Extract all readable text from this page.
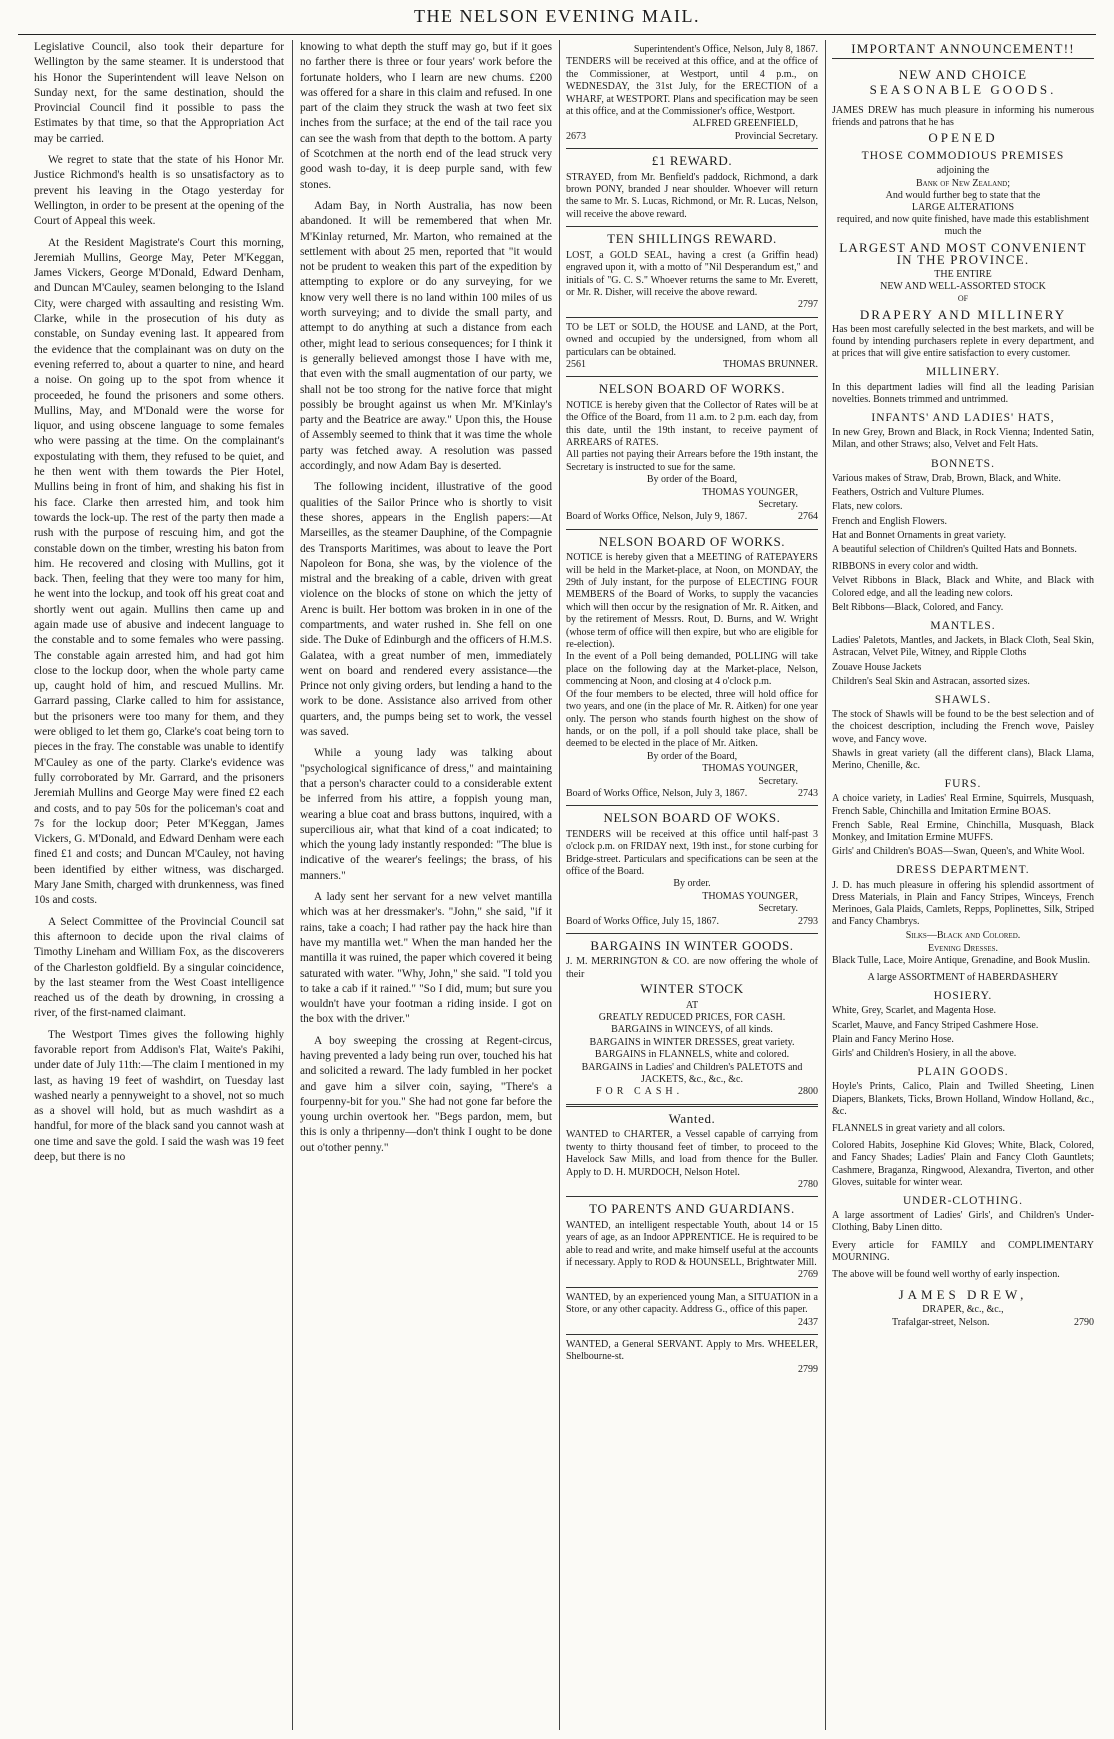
THE NELSON EVENING MAIL.

Legislative Council, also took their departure for Wellington by the same steamer. It is understood that his Honor the Superintendent will leave Nelson on Sunday next, for the same destination, should the Provincial Council find it possible to pass the Estimates by that time, so that the Appropriation Act may be carried.

We regret to state that the state of his Honor Mr. Justice Richmond's health is so unsatisfactory as to prevent his leaving in the Otago yesterday for Wellington, in order to be present at the opening of the Court of Appeal this week.

At the Resident Magistrate's Court this morning, Jeremiah Mullins, George May, Peter M'Keggan, James Vickers, George M'Donald, Edward Denham, and Duncan M'Cauley, seamen belonging to the Island City, were charged with assaulting and resisting Wm. Clarke, while in the prosecution of his duty as constable, on Sunday evening last. It appeared from the evidence that the complainant was on duty on the evening referred to, about a quarter to nine, and heard a noise. On going up to the spot from whence it proceeded, he found the prisoners and some others. Mullins, May, and M'Donald were the worse for liquor, and using obscene language to some females who were passing at the time. On the complainant's expostulating with them, they refused to be quiet, and he then went with them towards the Pier Hotel, Mullins being in front of him, and shaking his fist in his face. Clarke then arrested him, and took him towards the lock-up. The rest of the party then made a rush with the purpose of rescuing him, and got the constable down on the timber, wresting his baton from him. He recovered and closing with Mullins, got it back. Then, feeling that they were too many for him, he went into the lockup, and took off his great coat and shortly went out again. Mullins then came up and again made use of abusive and indecent language to the constable and to some females who were passing. The constable again arrested him, and had got him close to the lockup door, when the whole party came up, caught hold of him, and rescued Mullins. Mr. Garrard passing, Clarke called to him for assistance, but the prisoners were too many for them, and they were obliged to let them go, Clarke's coat being torn to pieces in the fray. The constable was unable to identify M'Cauley as one of the party. Clarke's evidence was fully corroborated by Mr. Garrard, and the prisoners Jeremiah Mullins and George May were fined £2 each and costs, and to pay 50s for the policeman's coat and 7s for the lockup door; Peter M'Keggan, James Vickers, G. M'Donald, and Edward Denham were each fined £1 and costs; and Duncan M'Cauley, not having been identified by either witness, was discharged. Mary Jane Smith, charged with drunkenness, was fined 10s and costs.

A Select Committee of the Provincial Council sat this afternoon to decide upon the rival claims of Timothy Lineham and William Fox, as the discoverers of the Charleston goldfield. By a singular coincidence, by the last steamer from the West Coast intelligence reached us of the death by drowning, in crossing a river, of the first-named claimant.

The Westport Times gives the following highly favorable report from Addison's Flat, Waite's Pakihi, under date of July 11th:—The claim I mentioned in my last, as having 19 feet of washdirt, on Tuesday last washed nearly a pennyweight to a shovel, not so much as a shovel will hold, but as much washdirt as a handful, for more of the black sand you cannot wash at one time and save the gold. I said the wash was 19 feet deep, but there is no

knowing to what depth the stuff may go, but if it goes no farther there is three or four years' work before the fortunate holders, who I learn are new chums. £200 was offered for a share in this claim and refused. In one part of the claim they struck the wash at two feet six inches from the surface; at the end of the tail race you can see the wash from that depth to the bottom. A party of Scotchmen at the north end of the lead struck very good wash to-day, it is deep purple sand, with few stones.

Adam Bay, in North Australia, has now been abandoned. It will be remembered that when Mr. M'Kinlay returned, Mr. Marton, who remained at the settlement with about 25 men, reported that "it would not be prudent to weaken this part of the expedition by attempting to explore or do any surveying, for we know very well there is no land within 100 miles of us worth surveying; and to divide the small party, and attempt to do anything at such a distance from each other, might lead to serious consequences; for I think it is generally believed amongst those I have with me, that even with the small augmentation of our party, we shall not be too strong for the native force that might possibly be brought against us when Mr. M'Kinlay's party and the Beatrice are away." Upon this, the House of Assembly seemed to think that it was time the whole party was fetched away. A resolution was passed accordingly, and now Adam Bay is deserted.

The following incident, illustrative of the good qualities of the Sailor Prince who is shortly to visit these shores, appears in the English papers:—At Marseilles, as the steamer Dauphine, of the Compagnie des Transports Maritimes, was about to leave the Port Napoleon for Bona, she was, by the violence of the mistral and the breaking of a cable, driven with great violence on the blocks of stone on which the jetty of Arenc is built. Her bottom was broken in in one of the compartments, and water rushed in. She fell on one side. The Duke of Edinburgh and the officers of H.M.S. Galatea, with a great number of men, immediately went on board and rendered every assistance—the Prince not only giving orders, but lending a hand to the work to be done. Assistance also arrived from other quarters, and, the pumps being set to work, the vessel was saved.

While a young lady was talking about "psychological significance of dress," and maintaining that a person's character could to a considerable extent be inferred from his attire, a foppish young man, wearing a blue coat and brass buttons, inquired, with a supercilious air, what that kind of a coat indicated; to which the young lady instantly responded: "The blue is indicative of the wearer's feelings; the brass, of his manners."

A lady sent her servant for a new velvet mantilla which was at her dressmaker's. "John," she said, "if it rains, take a coach; I had rather pay the hack hire than have my mantilla wet." When the man handed her the mantilla it was ruined, the paper which covered it being saturated with water. "Why, John," she said. "I told you to take a cab if it rained." "So I did, mum; but sure you wouldn't have your footman a riding inside. I got on the box with the driver."

A boy sweeping the crossing at Regent-circus, having prevented a lady being run over, touched his hat and solicited a reward. The lady fumbled in her pocket and gave him a silver coin, saying, "There's a fourpenny-bit for you." She had not gone far before the young urchin overtook her. "Begs pardon, mem, but this is only a thripenny—don't think I ought to be done out o'tother penny."

Superintendent's Office, Nelson, July 8, 1867.
TENDERS will be received at this office, and at the office of the Commissioner, at Westport, until 4 p.m., on WEDNESDAY, the 31st July, for the ERECTION of a WHARF, at WESTPORT. Plans and specification may be seen at this office, and at the Commissioner's office, Westport.
ALFRED GREENFIELD,
2673	Provincial Secretary.
£1 REWARD.
STRAYED, from Mr. Benfield's paddock, Richmond, a dark brown PONY, branded J near shoulder. Whoever will return the same to Mr. S. Lucas, Richmond, or Mr. R. Lucas, Nelson, will receive the above reward.
TEN SHILLINGS REWARD.
LOST, a GOLD SEAL, having a crest (a Griffin head) engraved upon it, with a motto of "Nil Desperandum est," and initials of "G. C. S." Whoever returns the same to Mr. Everett, or Mr. R. Disher, will receive the above reward.
2797
TO be LET or SOLD, the HOUSE and LAND, at the Port, owned and occupied by the undersigned, from whom all particulars can be obtained.
2561	THOMAS BRUNNER.
NELSON BOARD OF WORKS.
NOTICE is hereby given that the Collector of Rates will be at the Office of the Board, from 11 a.m. to 2 p.m. each day, from this date, until the 19th instant, to receive payment of ARREARS of RATES.
All parties not paying their Arrears before the 19th instant, the Secretary is instructed to sue for the same.
By order of the Board,
THOMAS YOUNGER,
Secretary.
Board of Works Office, Nelson, July 9, 1867.	2764
NELSON BOARD OF WORKS.
NOTICE is hereby given that a MEETING of RATEPAYERS will be held in the Market-place, at Noon, on MONDAY, the 29th of July instant, for the purpose of ELECTING FOUR MEMBERS of the Board of Works, to supply the vacancies which will then occur by the resignation of Mr. R. Aitken, and by the retirement of Messrs. Rout, D. Burns, and W. Wright (whose term of office will then expire, but who are eligible for re-election).
In the event of a Poll being demanded, POLLING will take place on the following day at the Market-place, Nelson, commencing at Noon, and closing at 4 o'clock p.m.
Of the four members to be elected, three will hold office for two years, and one (in the place of Mr. R. Aitken) for one year only. The person who stands fourth highest on the show of hands, or on the poll, if a poll should take place, shall be deemed to be elected in the place of Mr. Aitken.
By order of the Board,
THOMAS YOUNGER,
Secretary.
Board of Works Office, Nelson, July 3, 1867.	2743
NELSON BOARD OF WOKS.
TENDERS will be received at this office until half-past 3 o'clock p.m. on FRIDAY next, 19th inst., for stone curbing for Bridge-street. Particulars and specifications can be seen at the office of the Board.
By order.
THOMAS YOUNGER,
Secretary.
Board of Works Office, July 15, 1867.	2793
BARGAINS IN WINTER GOODS.
J. M. MERRINGTON & CO. are now offering the whole of their
WINTER STOCK
AT
GREATLY REDUCED PRICES, FOR CASH.
BARGAINS in WINCEYS, of all kinds.
BARGAINS in WINTER DRESSES, great variety.
BARGAINS in FLANNELS, white and colored.
BARGAINS in Ladies' and Children's PALETOTS and JACKETS, &c., &c., &c.
FOR CASH.	2800
Wanted.
WANTED to CHARTER, a Vessel capable of carrying from twenty to thirty thousand feet of timber, to proceed to the Havelock Saw Mills, and load from thence for the Buller. Apply to D. H. MURDOCH, Nelson Hotel.
2780
TO PARENTS AND GUARDIANS.
WANTED, an intelligent respectable Youth, about 14 or 15 years of age, as an Indoor APPRENTICE. He is required to be able to read and write, and make himself useful at the accounts if necessary. Apply to ROD & HOUNSELL, Brightwater Mill.
2769
WANTED, by an experienced young Man, a SITUATION in a Store, or any other capacity. Address G., office of this paper.
2437
WANTED, a General SERVANT. Apply to Mrs. WHEELER, Shelbourne-st.
2799
IMPORTANT ANNOUNCEMENT!!
NEW AND CHOICE
SEASONABLE GOODS.
JAMES DREW has much pleasure in informing his numerous friends and patrons that he has
OPENED
THOSE COMMODIOUS PREMISES
adjoining the
Bank of New Zealand;
And would further beg to state that the
LARGE ALTERATIONS
required, and now quite finished, have made this establishment much the
LARGEST AND MOST CONVENIENT IN THE PROVINCE.
THE ENTIRE
NEW AND WELL-ASSORTED STOCK
OF
DRAPERY AND MILLINERY
Has been most carefully selected in the best markets, and will be found by intending purchasers replete in every department, and at prices that will give entire satisfaction to every customer.
MILLINERY.
In this department ladies will find all the leading Parisian novelties. Bonnets trimmed and untrimmed.
INFANTS' AND LADIES' HATS,
In new Grey, Brown and Black, in Rock Vienna; Indented Satin, Milan, and other Straws; also, Velvet and Felt Hats.
BONNETS.
Various makes of Straw, Drab, Brown, Black, and White.
Feathers, Ostrich and Vulture Plumes.
Flats, new colors.
French and English Flowers.
Hat and Bonnet Ornaments in great variety.
A beautiful selection of Children's Quilted Hats and Bonnets.
RIBBONS in every color and width.
Velvet Ribbons in Black, Black and White, and Black with Colored edge, and all the leading new colors.
Belt Ribbons—Black, Colored, and Fancy.
MANTLES.
Ladies' Paletots, Mantles, and Jackets, in Black Cloth, Seal Skin, Astracan, Velvet Pile, Witney, and Ripple Cloths
Zouave House Jackets
Children's Seal Skin and Astracan, assorted sizes.
SHAWLS.
The stock of Shawls will be found to be the best selection and of the choicest description, including the French wove, Paisley wove, and Fancy wove.
Shawls in great variety (all the different clans), Black Llama, Merino, Chenille, &c.
FURS.
A choice variety, in Ladies' Real Ermine, Squirrels, Musquash, French Sable, Chinchilla and Imitation Ermine BOAS.
French Sable, Real Ermine, Chinchilla, Musquash, Black Monkey, and Imitation Ermine MUFFS.
Girls' and Children's BOAS—Swan, Queen's, and White Wool.
DRESS DEPARTMENT.
J. D. has much pleasure in offering his splendid assortment of Dress Materials, in Plain and Fancy Stripes, Winceys, French Merinoes, Gala Plaids, Camlets, Repps, Poplinettes, Silk, Striped and Fancy Chambrys.
Silks—Black and Colored.
Evening Dresses.
Black Tulle, Lace, Moire Antique, Grenadine, and Book Muslin.
A large ASSORTMENT of HABERDASHERY
HOSIERY.
White, Grey, Scarlet, and Magenta Hose.
Scarlet, Mauve, and Fancy Striped Cashmere Hose.
Plain and Fancy Merino Hose.
Girls' and Children's Hosiery, in all the above.
PLAIN GOODS.
Hoyle's Prints, Calico, Plain and Twilled Sheeting, Linen Diapers, Blankets, Ticks, Brown Holland, Window Holland, &c., &c.
FLANNELS in great variety and all colors.
Colored Habits, Josephine Kid Gloves; White, Black, Colored, and Fancy Shades; Ladies' Plain and Fancy Cloth Gauntlets; Cashmere, Braganza, Ringwood, Alexandra, Tiverton, and other Gloves, suitable for winter wear.
UNDER-CLOTHING.
A large assortment of Ladies' Girls', and Children's Under-Clothing, Baby Linen ditto.
Every article for FAMILY and COMPLIMENTARY MOURNING.
The above will be found well worthy of early inspection.
JAMES DREW,
DRAPER, &c., &c.,
Trafalgar-street, Nelson.	2790
